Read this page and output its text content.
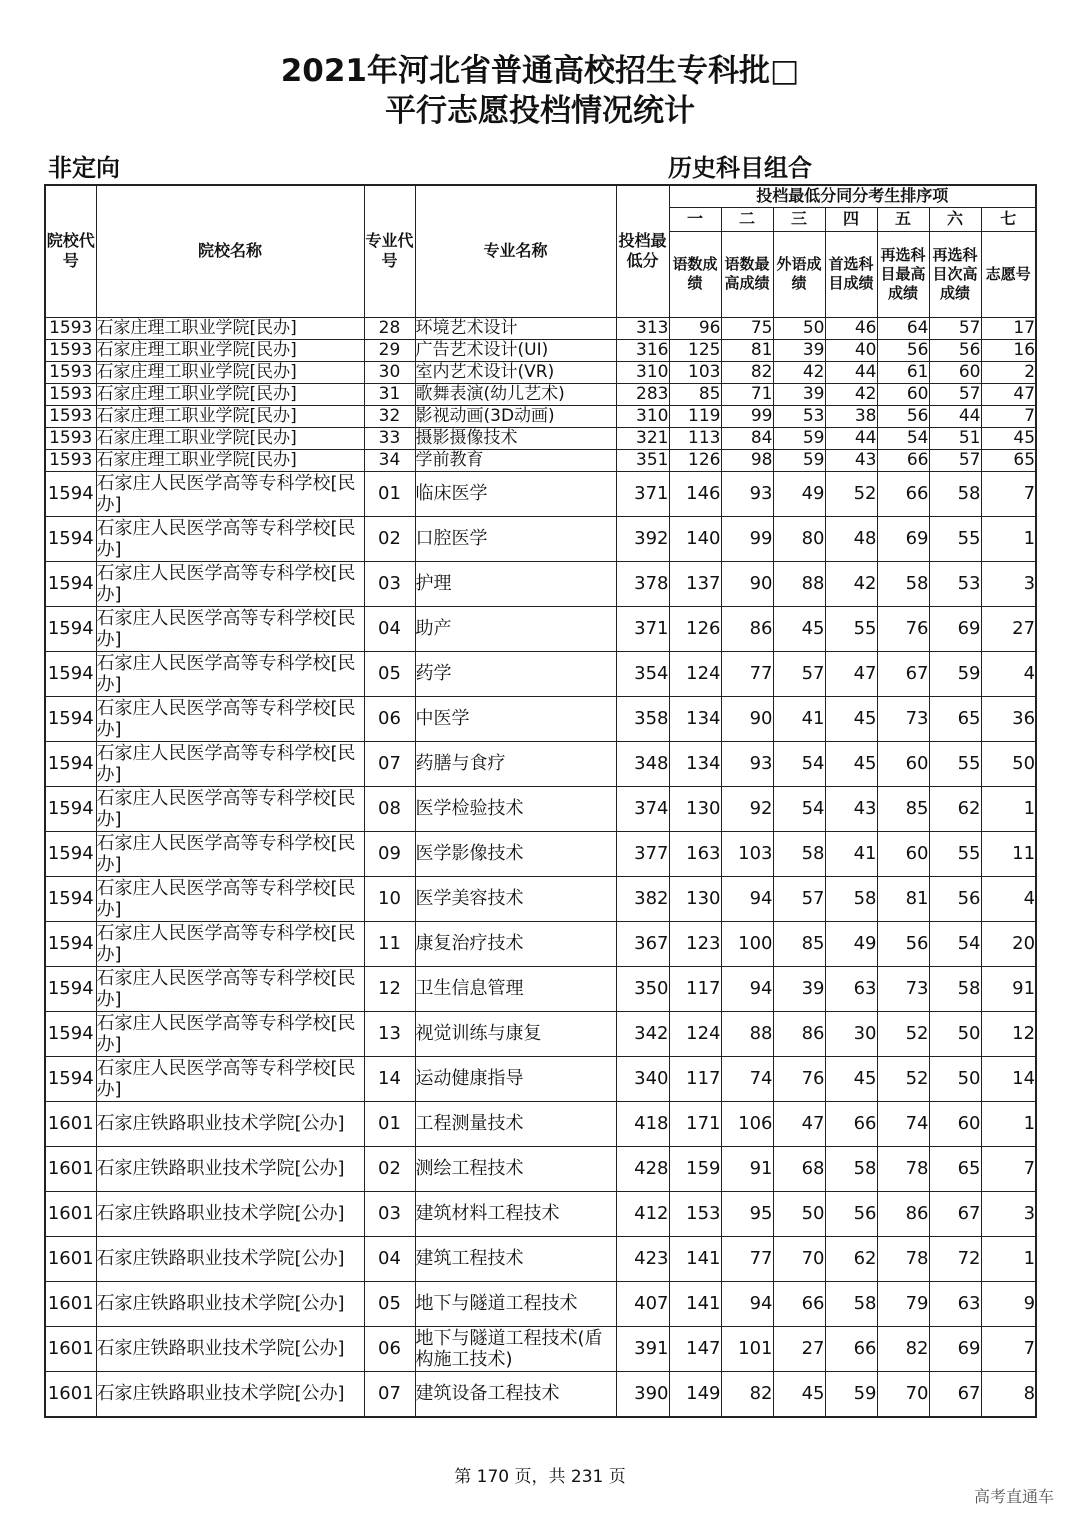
2021年河北省普通高校招生专科批□
平行志愿投档情况统计
非定向	历史科目组合
院校代号	院校名称	专业代号	专业名称	投档最低分	投档最低分同分考生排序项						
					一	二	三	四	五	六	七
					语数成绩	语数最高成绩	外语成绩	首选科目成绩	再选科目最高成绩	再选科目次高成绩	志愿号
1593	石家庄理工职业学院[民办]	28	环境艺术设计	313	96	75	50	46	64	57	17
1593	石家庄理工职业学院[民办]	29	广告艺术设计(UI)	316	125	81	39	40	56	56	16
1593	石家庄理工职业学院[民办]	30	室内艺术设计(VR)	310	103	82	42	44	61	60	2
1593	石家庄理工职业学院[民办]	31	歌舞表演(幼儿艺术)	283	85	71	39	42	60	57	47
1593	石家庄理工职业学院[民办]	32	影视动画(3D动画)	310	119	99	53	38	56	44	7
1593	石家庄理工职业学院[民办]	33	摄影摄像技术	321	113	84	59	44	54	51	45
1593	石家庄理工职业学院[民办]	34	学前教育	351	126	98	59	43	66	57	65
1594	石家庄人民医学高等专科学校[民办]	01	临床医学	371	146	93	49	52	66	58	7
1594	石家庄人民医学高等专科学校[民办]	02	口腔医学	392	140	99	80	48	69	55	1
1594	石家庄人民医学高等专科学校[民办]	03	护理	378	137	90	88	42	58	53	3
1594	石家庄人民医学高等专科学校[民办]	04	助产	371	126	86	45	55	76	69	27
1594	石家庄人民医学高等专科学校[民办]	05	药学	354	124	77	57	47	67	59	4
1594	石家庄人民医学高等专科学校[民办]	06	中医学	358	134	90	41	45	73	65	36
1594	石家庄人民医学高等专科学校[民办]	07	药膳与食疗	348	134	93	54	45	60	55	50
1594	石家庄人民医学高等专科学校[民办]	08	医学检验技术	374	130	92	54	43	85	62	1
1594	石家庄人民医学高等专科学校[民办]	09	医学影像技术	377	163	103	58	41	60	55	11
1594	石家庄人民医学高等专科学校[民办]	10	医学美容技术	382	130	94	57	58	81	56	4
1594	石家庄人民医学高等专科学校[民办]	11	康复治疗技术	367	123	100	85	49	56	54	20
1594	石家庄人民医学高等专科学校[民办]	12	卫生信息管理	350	117	94	39	63	73	58	91
1594	石家庄人民医学高等专科学校[民办]	13	视觉训练与康复	342	124	88	86	30	52	50	12
1594	石家庄人民医学高等专科学校[民办]	14	运动健康指导	340	117	74	76	45	52	50	14
1601	石家庄铁路职业技术学院[公办]	01	工程测量技术	418	171	106	47	66	74	60	1
1601	石家庄铁路职业技术学院[公办]	02	测绘工程技术	428	159	91	68	58	78	65	7
1601	石家庄铁路职业技术学院[公办]	03	建筑材料工程技术	412	153	95	50	56	86	67	3
1601	石家庄铁路职业技术学院[公办]	04	建筑工程技术	423	141	77	70	62	78	72	1
1601	石家庄铁路职业技术学院[公办]	05	地下与隧道工程技术	407	141	94	66	58	79	63	9
1601	石家庄铁路职业技术学院[公办]	06	地下与隧道工程技术(盾构施工技术)	391	147	101	27	66	82	69	7
1601	石家庄铁路职业技术学院[公办]	07	建筑设备工程技术	390	149	82	45	59	70	67	8
第 170 页，共 231 页
高考直通车
